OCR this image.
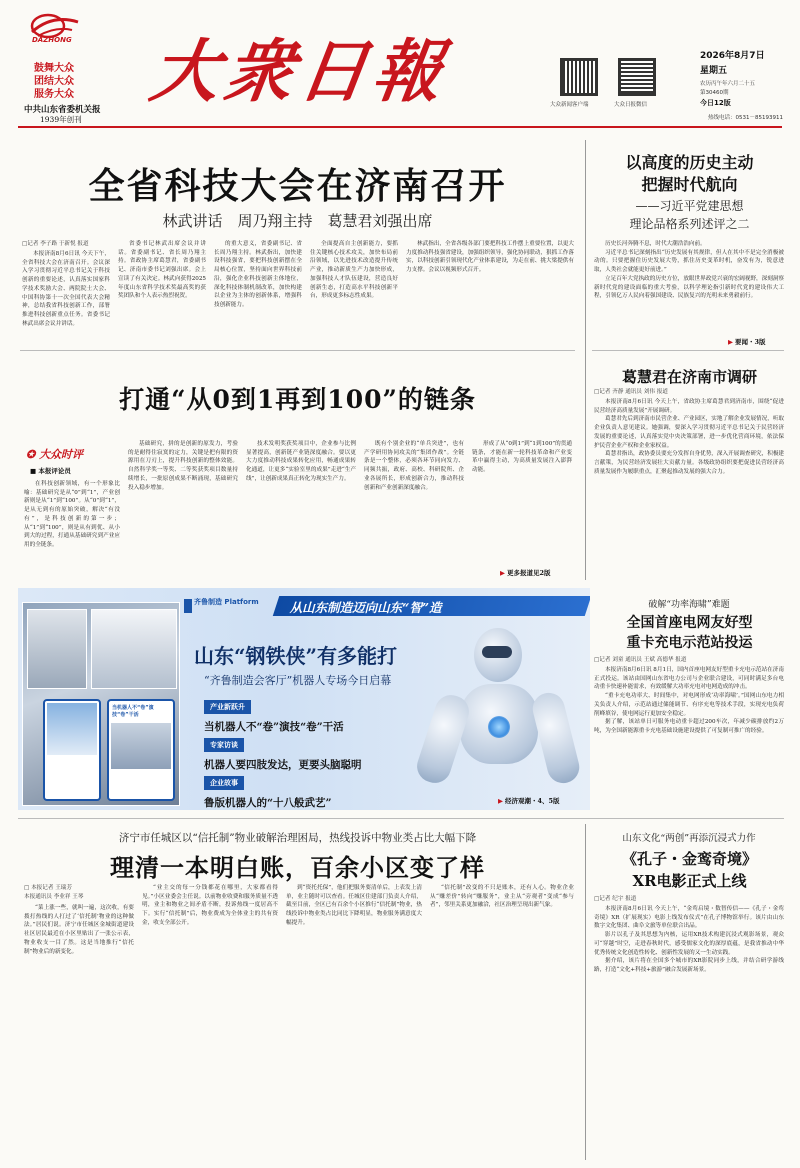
DAZHONG
鼓舞大众
团结大众
服务大众
中共山东省委机关报
1939年创刊
大衆日報	大众新闻客户端	大众日报微信
2026年8月7日
星期五
农历丙午年六月二十五
第30460期
今日12版
热线电话：0531－85193911
全省科技大会在济南召开
林武讲话　周乃翔主持　葛慧君刘强出席
□记者 李子路 于新悦 报道

本报济南8月6日讯 今天下午，全省科技大会在济南召开。会议深入学习贯彻习近平总书记关于科技创新的重要论述，认真落实国家科学技术奖励大会、两院院士大会、中国科协第十一次全国代表大会精神，总结我省科技创新工作，部署推进科技创新重点任务。省委书记林武出席会议并讲话。

省委书记林武出席会议并讲话。省委副书记、省长周乃翔主持。省政协主席葛慧君，省委副书记、济南市委书记刘强出席。会上宣读了有关决定。林武向获得2025年度山东省科学技术奖最高奖的获奖团队和个人表示热烈祝贺。

的重大意义，省委副书记、省长周乃翔主持。林武指出，加快建设科技强省，要把科技创新摆在全局核心位置，坚持面向世界科技前沿，强化企业科技创新主体地位，深化科技体制机制改革，加快构建以企业为主体的创新体系，增强科技创新能力。

全面提高自主创新能力，要抓住关键核心技术攻关，加快布局前沿领域，以先进技术改造提升传统产业，推动新质生产力加快形成，加强科技人才队伍建设，营造良好创新生态，打造高水平科技创新平台，形成更多标志性成果。

林武指出，全省各级各部门要把科技工作摆上重要位置，以更大力度推动科技强省建设，加强组织领导，强化协同联动，狠抓工作落实，以科技创新引领现代化产业体系建设，为走在前、挑大梁提供有力支撑。会议以视频形式召开。

打通“从0到1再到100”的链条
✪ 大众时评
■ 本报评论员

在科技创新领域，有一个形象比喻：基础研究是从“0”到“1”，产业创新则是从“1”到“100”。从“0”到“1”，是从无到有的原始突破，解决“有没有”，是科技创新的第一步；从“1”到“100”，则是从有到优、从小到大的过程，打通从基础研究到产业应用的全链条。

基础研究，拼的是创新的原发力，考验的是耐得住寂寞的定力，关键是把有限的资源用在刀刃上，提升科技创新的整体效能。自然科学奖一等奖、二等奖获奖项目数量持续增长，一批原创成果不断涌现，基础研究投入稳步增加。

技术发明奖获奖项目中，企业参与比例显著提高，创新链产业链深度融合。要以更大力度推动科技成果转化应用，畅通成果转化通道，让更多“实验室里的成果”走进“生产线”，让创新成果真正转化为现实生产力。

既有个别企业的“单兵突进”，也有产学研用协同攻关的“集团作战”。全链条是一个整体，必须各环节同向发力、同频共振，政府、高校、科研院所、企业各展所长，形成创新合力，推动科技创新和产业创新深度融合。

形成了从“0到1”到“1到100”的贯通链条，才能在新一轮科技革命和产业变革中赢得主动，为高质量发展注入澎湃动能。

▶ 更多报道见2版
以高度的历史主动
把握时代航向
——习近平党建思想
理论品格系列述评之二

历史长河奔腾不息，时代大潮浩浩向前。

习近平总书记深刻指出“历史发展有其规律，但人在其中不是完全消极被动的。只要把握住历史发展大势，抓住历史变革时机，奋发有为，锐意进取，人类社会就能更好前进。”

立足百年大党执政的历史方位，放眼世界政党兴衰的宏阔视野，深刻洞察新时代党的建设面临的重大考验，以科学理论指引新时代党的建设伟大工程，引领亿万人民向着强国建设、民族复兴的光明未来勇毅前行。

▶ 要闻・3版
葛慧君在济南市调研
□记者 齐静 通讯员 刘伟 报道

本报济南8月6日讯 今天上午，省政协主席葛慧君到济南市，围绕“促进民营经济高质量发展”开展调研。

葛慧君先后到济南市民营企业、产业园区，实地了解企业发展情况，听取企业负责人意见建议。她强调，要深入学习贯彻习近平总书记关于民营经济发展的重要论述，认真落实党中央决策部署，进一步优化营商环境，依法保护民营企业产权和企业家权益。

葛慧君指出，政协委员要充分发挥自身优势，深入开展调查研究，积极建言献策，为民营经济发展壮大贡献力量。各级政协组织要把促进民营经济高质量发展作为履职重点，汇聚起推动发展的强大合力。

当机器人不“卷”演技“卷”干活
齐鲁制造 Platform	从山东制造迈向山东“智”造
山东“钢铁侠”有多能打
“齐鲁制造会客厅”机器人专场今日启幕
产业新跃升
当机器人不“卷”演技“卷”干活
专家访谈
机器人要四肢发达，更要头脑聪明
企业故事
鲁版机器人的“十八般武艺”
▶	经济观潮・4、5版
破解“功率海啸”难题
全国首座电网友好型
重卡充电示范站投运
□记者 刘童 通讯员 王斌 高德华 报道

本报济南8月6日讯 8月1日，国内首座电网友好型重卡充电示范站在济南正式投运。该站由国网山东省电力公司与企业联合建设，可同时满足多台电动重卡快速补能需求，有效缓解大功率充电对电网造成的冲击。

“重卡充电功率大、时间集中，对电网形成‘功率海啸’。”国网山东电力相关负责人介绍，示范站通过储能调节、有序充电等技术手段，实现充电负荷削峰填谷，使电网运行更加安全稳定。

据了解，该站单日可服务电动重卡超过200车次，年减少碳排放约2万吨，为全国新能源重卡充电基础设施建设提供了可复制可推广的经验。

济宁市任城区以“信托制”物业破解治理困局，热线投诉中物业类占比大幅下降
理清一本明白账，百余小区变了样
□ 本报记者 王瑞芳
本报通讯员 李业祥 王琴

“菜上涨一些，就叫一遍，这次收，有要拨打热线的人打过了‘信托制’物业的这种做法。”居民们说。济宁市任城区金城街道建设社区居民最近在小区里贴出了一张公示表，物业收支一目了然。这是当地推行“信托制”物业后的新变化。

“业主交的每一分钱都花在哪里，大家都看得见。”小区业委会主任说。以前物业收费和服务质量不透明，业主和物业之间矛盾不断，投诉热线一度居高不下。实行“信托制”后，物业费成为全体业主的共有资金，收支全部公开。

到“资托托保”，他们把服务要清单后，上表发上清单，业主随时可以查看。任城区住建部门负责人介绍，截至目前，全区已有百余个小区推行“信托制”物业，热线投诉中物业类占比同比下降明显，物业服务满意度大幅提升。

“信托制”改变的不只是账本，还有人心。物业企业从“赚差价”转向“赚服务”，业主从“旁观者”变成“参与者”，邻里关系更加融洽，社区治理呈现出新气象。

山东文化“两创”再添沉浸式力作
《孔子・金鸾奇境》
XR电影正式上线
□记者 纪宇 报道

本报济南8月6日讯 今天上午，“金鸾启境・数智传信——《孔子・金鸾奇境》XR（扩展现实）电影上线发布仪式”在孔子博物馆举行。该片由山东数字文化集团、曲阜文旅等单位联合出品。

影片以孔子及其思想为内核，运用XR技术构建沉浸式观影场景，观众可“穿越”时空，走进春秋时代，感受儒家文化的深厚底蕴，是我省推动中华优秀传统文化创造性转化、创新性发展的又一生动实践。

据介绍，该片将在全国多个城市的XR影院同步上线，并结合研学游线路，打造“文化+科技+旅游”融合发展新场景。
